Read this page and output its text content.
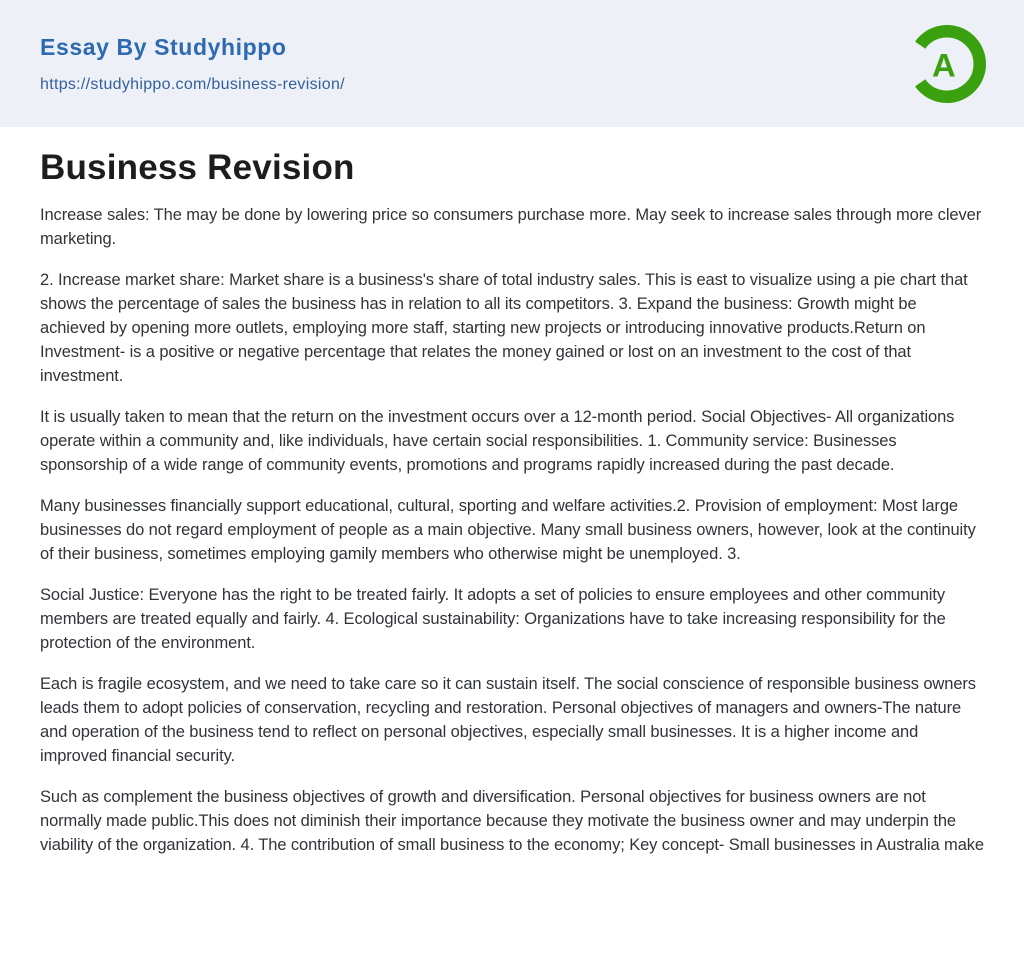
Essay By Studyhippo
https://studyhippo.com/business-revision/
A
Business Revision

Increase sales: The may be done by lowering price so consumers purchase more. May seek to increase sales through more clever marketing.

2. Increase market share: Market share is a business's share of total industry sales. This is east to visualize using a pie chart that shows the percentage of sales the business has in relation to all its competitors. 3. Expand the business: Growth might be achieved by opening more outlets, employing more staff, starting new projects or introducing innovative products.Return on Investment- is a positive or negative percentage that relates the money gained or lost on an investment to the cost of that investment.

It is usually taken to mean that the return on the investment occurs over a 12-month period. Social Objectives- All organizations operate within a community and, like individuals, have certain social responsibilities. 1. Community service: Businesses sponsorship of a wide range of community events, promotions and programs rapidly increased during the past decade.

Many businesses financially support educational, cultural, sporting and welfare activities.2. Provision of employment: Most large businesses do not regard employment of people as a main objective. Many small business owners, however, look at the continuity of their business, sometimes employing gamily members who otherwise might be unemployed. 3.

Social Justice: Everyone has the right to be treated fairly. It adopts a set of policies to ensure employees and other community members are treated equally and fairly. 4. Ecological sustainability: Organizations have to take increasing responsibility for the protection of the environment.

Each is fragile ecosystem, and we need to take care so it can sustain itself. The social conscience of responsible business owners leads them to adopt policies of conservation, recycling and restoration. Personal objectives of managers and owners-The nature and operation of the business tend to reflect on personal objectives, especially small businesses. It is a higher income and improved financial security.

Such as complement the business objectives of growth and diversification. Personal objectives for business owners are not normally made public.This does not diminish their importance because they motivate the business owner and may underpin the viability of the organization. 4. The contribution of small business to the economy; Key concept- Small businesses in Australia make
